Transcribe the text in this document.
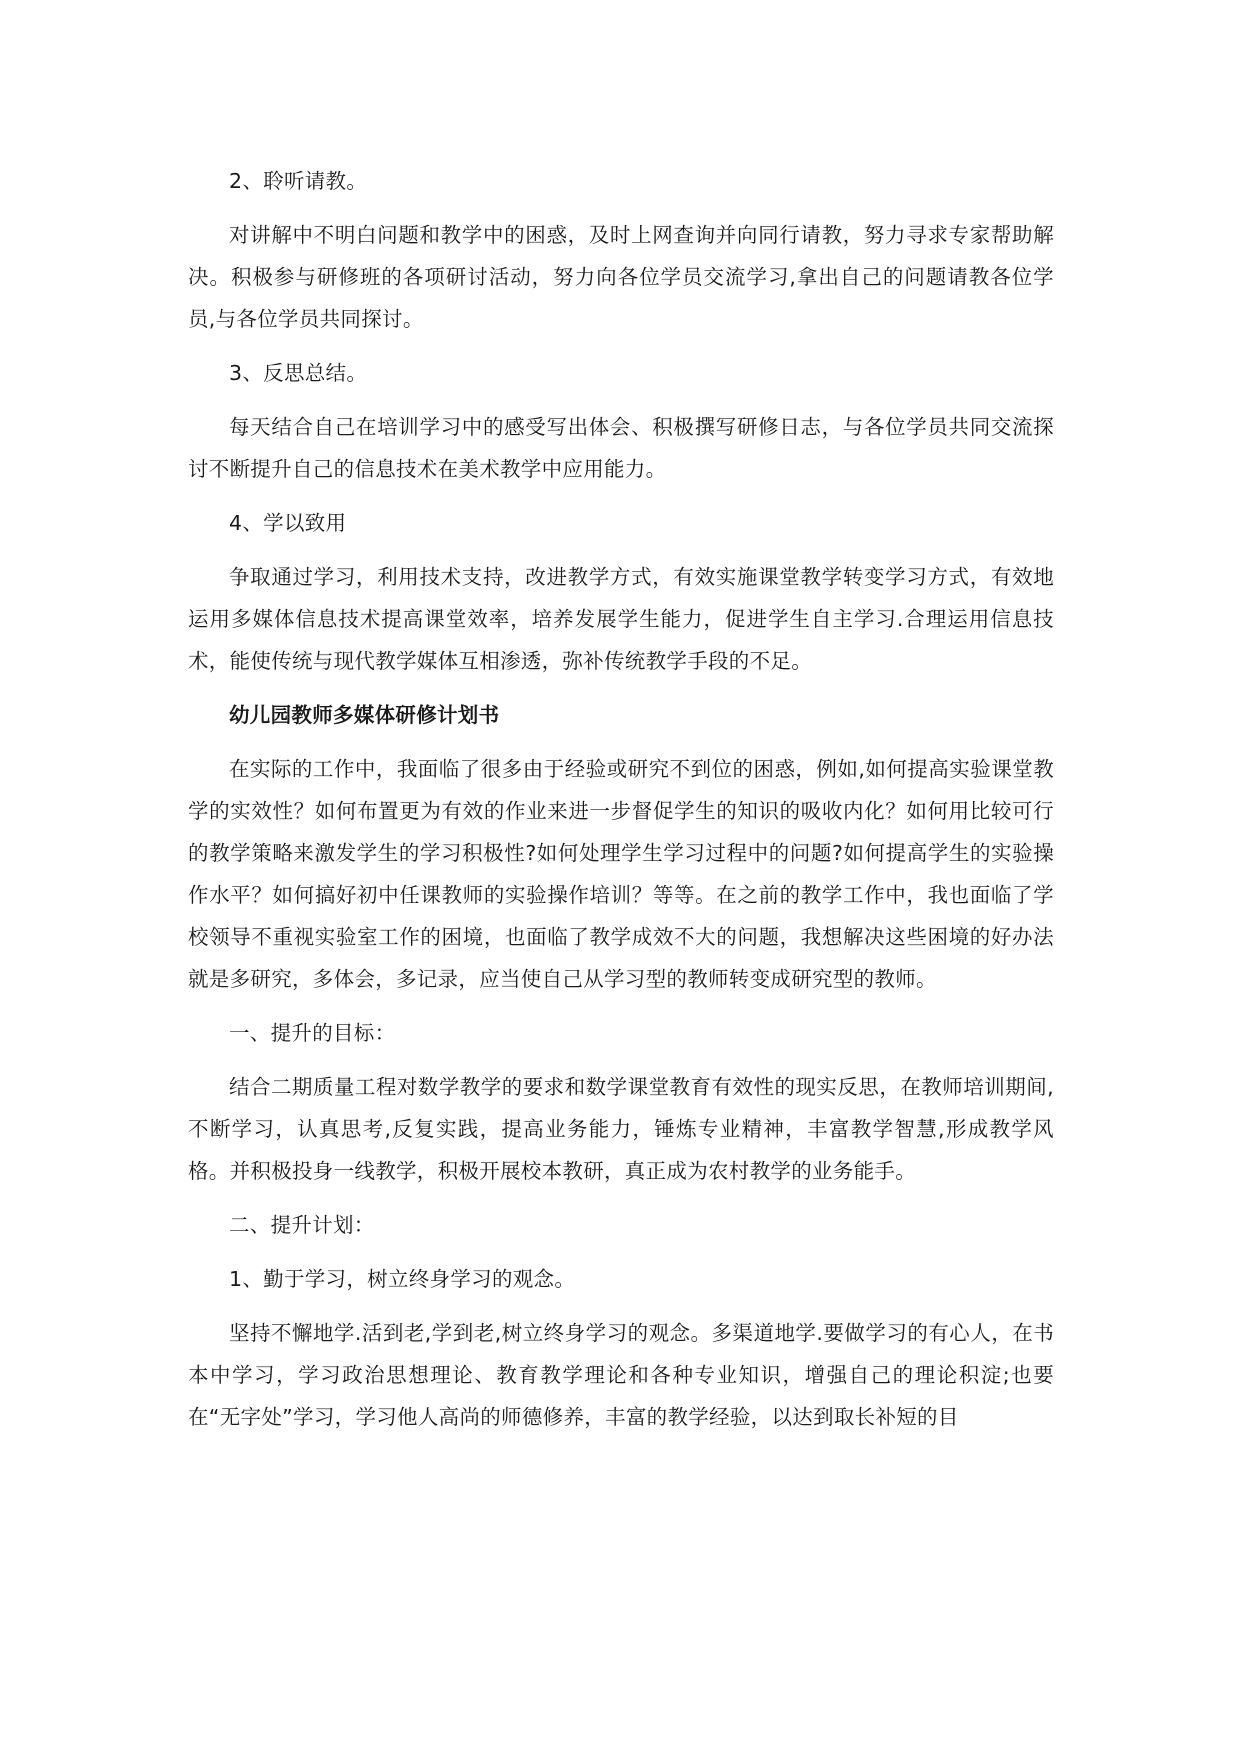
2、聆听请教。

对讲解中不明白问题和教学中的困惑，及时上网查询并向同行请教，努力寻求专家帮助解决。积极参与研修班的各项研讨活动，努力向各位学员交流学习,拿出自己的问题请教各位学员,与各位学员共同探讨。

3、反思总结。

每天结合自己在培训学习中的感受写出体会、积极撰写研修日志，与各位学员共同交流探讨不断提升自己的信息技术在美术教学中应用能力。

4、学以致用

争取通过学习，利用技术支持，改进教学方式，有效实施课堂教学转变学习方式，有效地运用多媒体信息技术提高课堂效率，培养发展学生能力，促进学生自主学习.合理运用信息技术，能使传统与现代教学媒体互相渗透，弥补传统教学手段的不足。

幼儿园教师多媒体研修计划书

在实际的工作中，我面临了很多由于经验或研究不到位的困惑，例如,如何提高实验课堂教学的实效性？如何布置更为有效的作业来进一步督促学生的知识的吸收内化？如何用比较可行的教学策略来激发学生的学习积极性?如何处理学生学习过程中的问题?如何提高学生的实验操作水平？如何搞好初中任课教师的实验操作培训？等等。在之前的教学工作中，我也面临了学校领导不重视实验室工作的困境，也面临了教学成效不大的问题，我想解决这些困境的好办法就是多研究，多体会，多记录，应当使自己从学习型的教师转变成研究型的教师。

一、提升的目标：

结合二期质量工程对数学教学的要求和数学课堂教育有效性的现实反思，在教师培训期间,不断学习，认真思考,反复实践，提高业务能力，锤炼专业精神，丰富教学智慧,形成教学风格。并积极投身一线教学，积极开展校本教研，真正成为农村教学的业务能手。

二、提升计划：

1、勤于学习，树立终身学习的观念。

坚持不懈地学.活到老,学到老,树立终身学习的观念。多渠道地学.要做学习的有心人，在书本中学习，学习政治思想理论、教育教学理论和各种专业知识，增强自己的理论积淀;也要在“无字处”学习，学习他人高尚的师德修养，丰富的教学经验，以达到取长补短的目
